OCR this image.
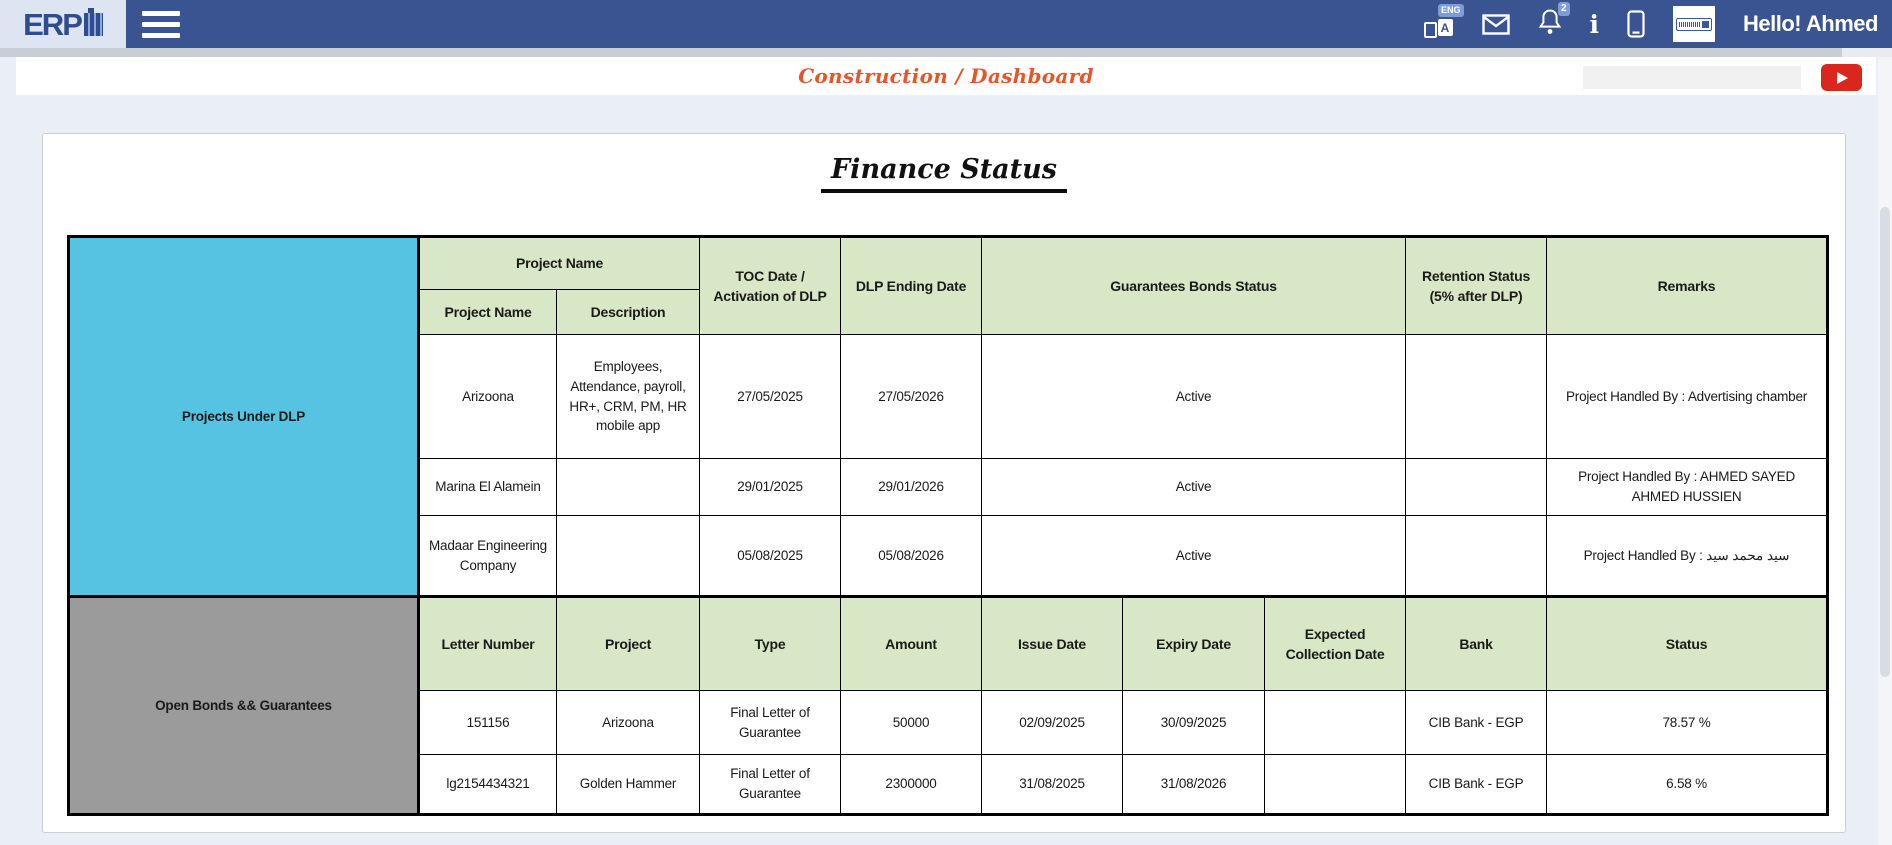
ERP	ENG
A
2
i	Hello! Ahmed
Construction / Dashboard
Finance Status
Projects Under DLP	Project Name		TOC Date / Activation of DLP	DLP Ending Date	Guarantees Bonds Status			Retention Status (5% after DLP)	Remarks
	Project Name	Description							
	Arizoona	Employees, Attendance, payroll, HR+, CRM, PM, HR mobile app	27/05/2025	27/05/2026	Active				Project Handled By : Advertising chamber
	Marina El Alamein		29/01/2025	29/01/2026	Active				Project Handled By : AHMED SAYED AHMED HUSSIEN
	Madaar Engineering Company		05/08/2025	05/08/2026	Active				Project Handled By : سيد محمد سيد
Open Bonds && Guarantees	Letter Number	Project	Type	Amount	Issue Date	Expiry Date	Expected Collection Date	Bank	Status
	151156	Arizoona	Final Letter of Guarantee	50000	02/09/2025	30/09/2025		CIB Bank - EGP	78.57 %
	lg2154434321	Golden Hammer	Final Letter of Guarantee	2300000	31/08/2025	31/08/2026		CIB Bank - EGP	6.58 %
